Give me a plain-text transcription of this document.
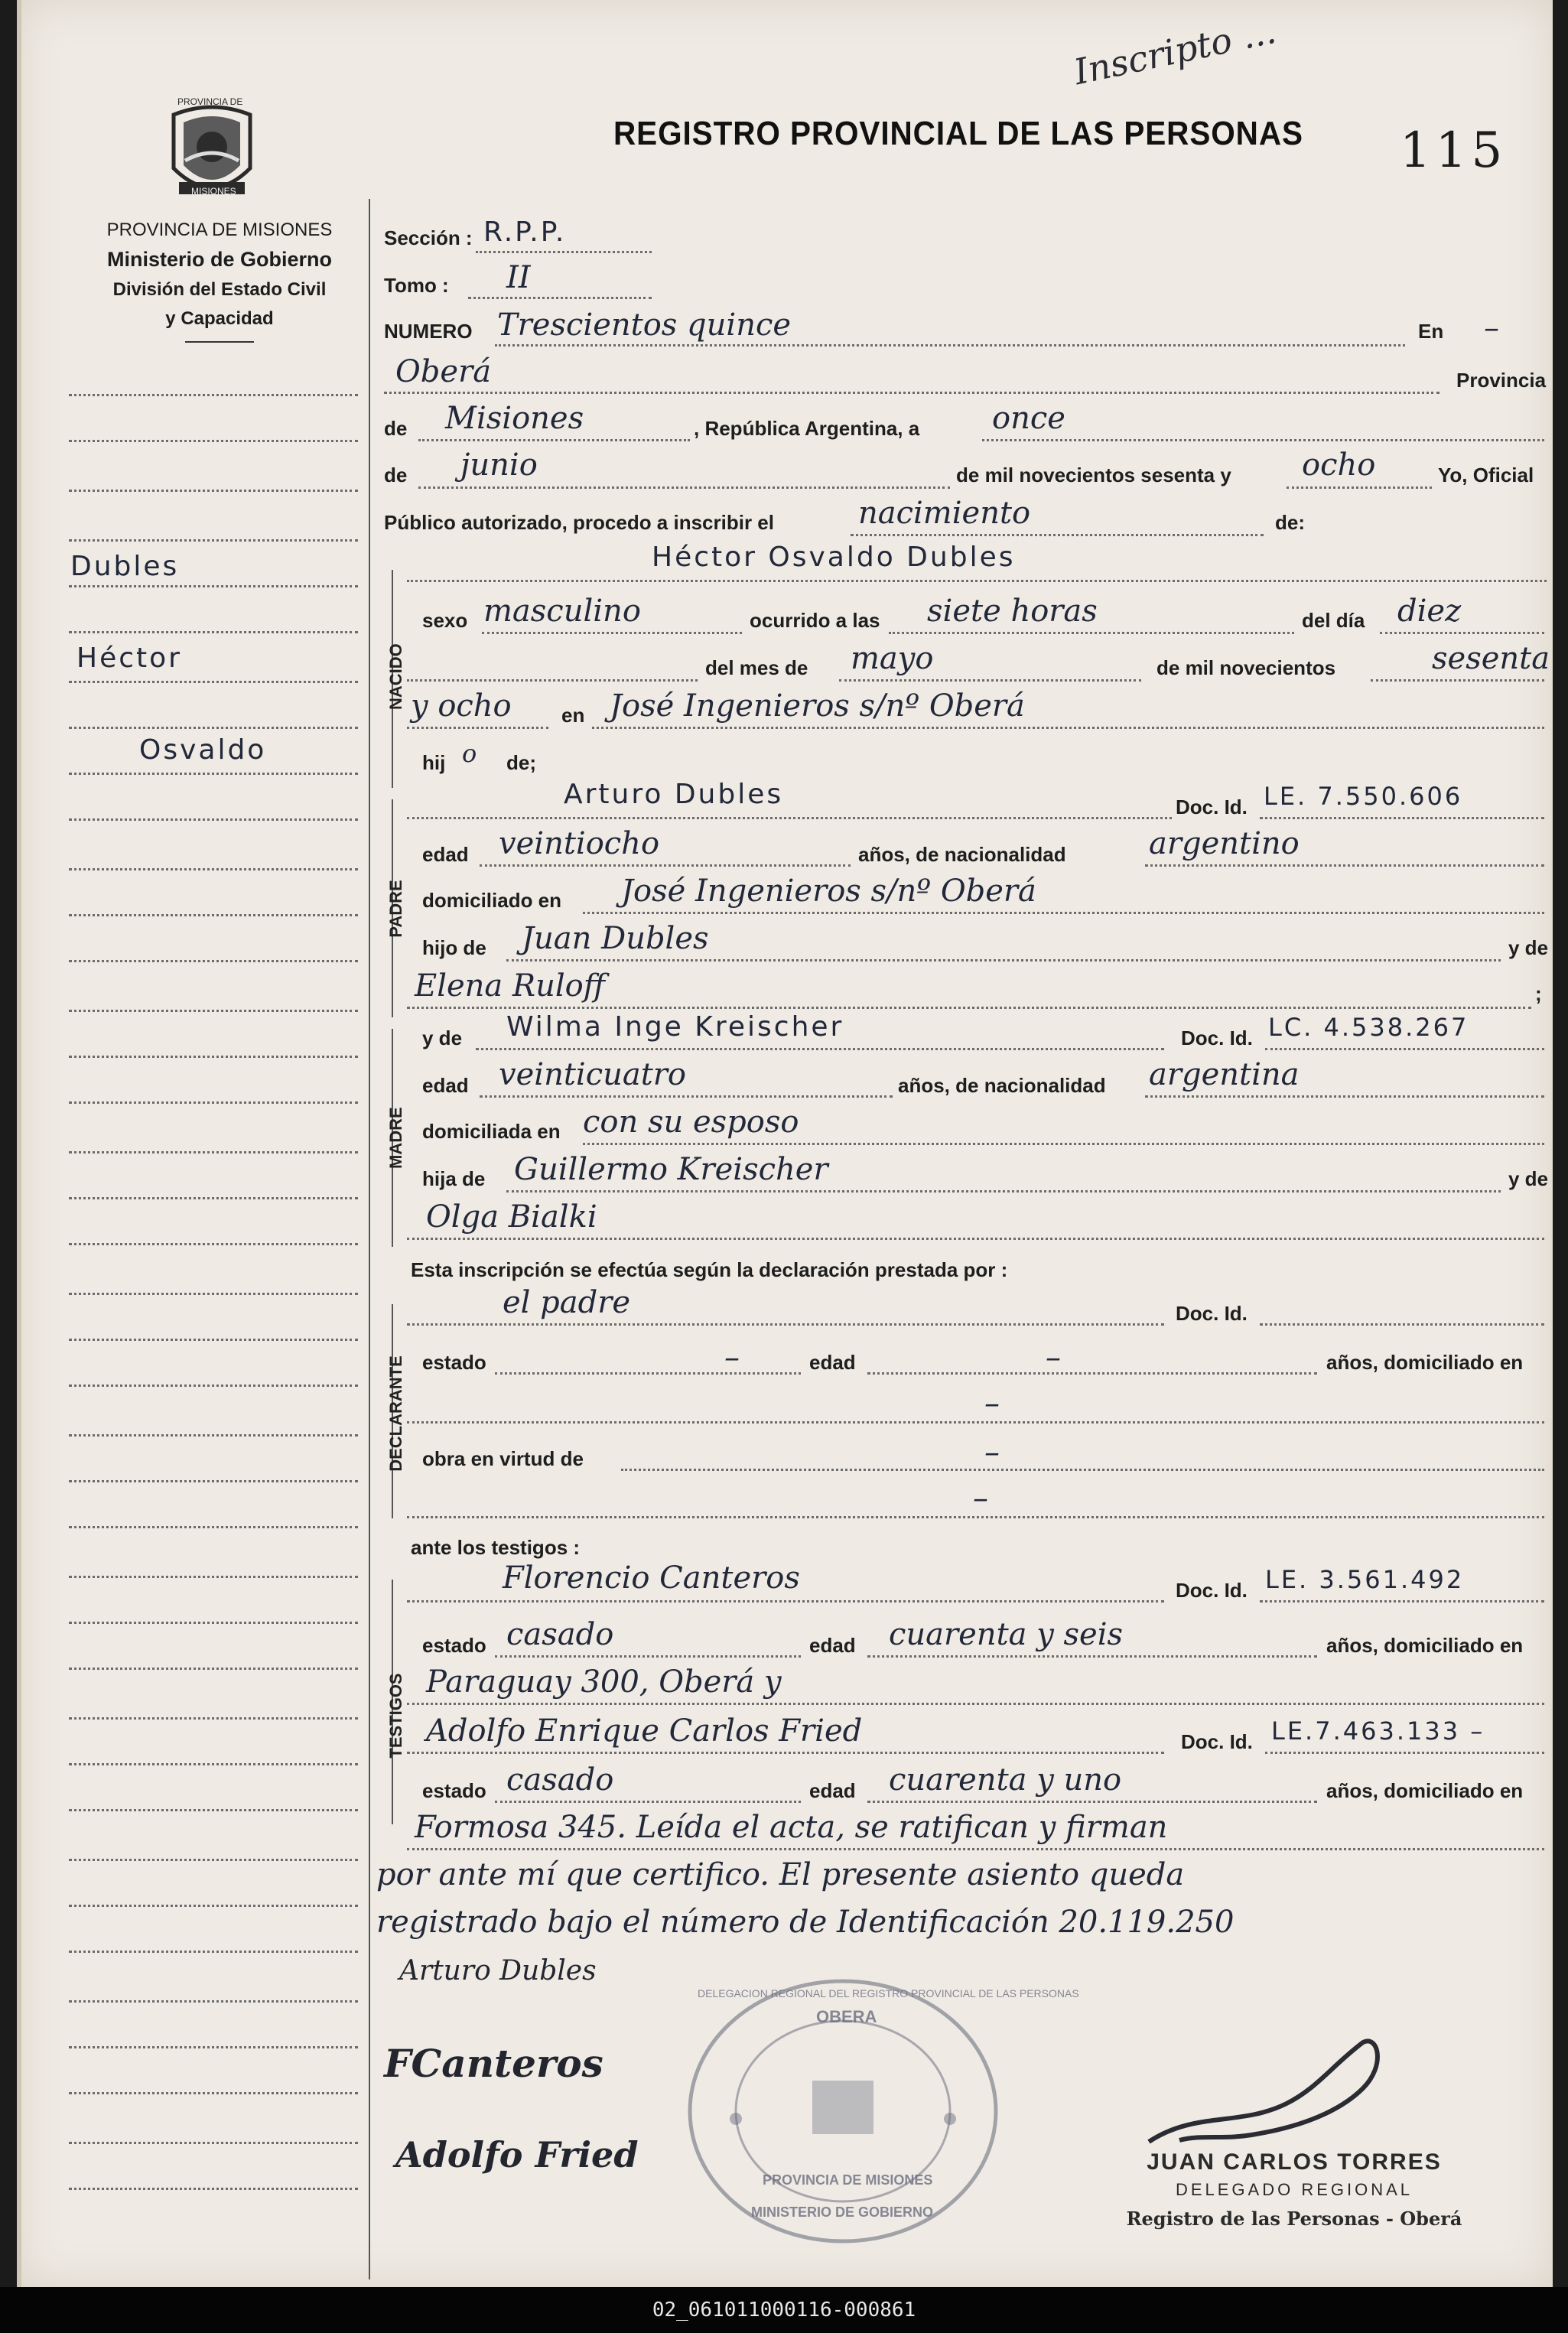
PROVINCIA DE
MISIONES
PROVINCIA DE MISIONES
Ministerio de Gobierno
División del Estado Civil
y Capacidad
REGISTRO PROVINCIAL DE LAS PERSONAS 115
Inscripto ...
Dubles
Héctor
Osvaldo
NACIDO
PADRE
MADRE
DECLARANTE
TESTIGOS
Sección : R.P.P.
Tomo : II
NUMERO Trescientos quince	En –
Oberá	Provincia
de Misiones	, República Argentina, a once
de junio	de mil novecientos sesenta y ocho	Yo, Oficial
Público autorizado, procedo a inscribir el	nacimiento	de:
Héctor Osvaldo Dubles
sexo masculino	ocurrido a las siete horas	del día diez
del mes de mayo	de mil novecientos	sesenta
y ocho	en José Ingenieros s/nº Oberá
hij o de;
Arturo Dubles	Doc. Id. LE. 7.550.606
edad veintiocho	años, de nacionalidad	argentino
domiciliado en José Ingenieros s/nº Oberá
hijo de Juan Dubles	y de
Elena Ruloff	;
y de Wilma Inge Kreischer	Doc. Id. LC. 4.538.267
edad veinticuatro	años, de nacionalidad argentina
domiciliada en con su esposo
hija de Guillermo Kreischer	y de
Olga Bialki
Esta inscripción se efectúa según la declaración prestada por :
el padre	Doc. Id.
estado	–	edad	–	años, domiciliado en
–
obra en virtud de	–
–
ante los testigos :
Florencio Canteros	Doc. Id. LE. 3.561.492
estado casado	edad cuarenta y seis	años, domiciliado en
Paraguay 300, Oberá y
Adolfo Enrique Carlos Fried	Doc. Id. LE.7.463.133 –
estado casado	edad cuarenta y uno	años, domiciliado en
Formosa 345. Leída el acta, se ratifican y firman
por ante mí que certifico. El presente asiento queda
registrado bajo el número de Identificación 20.119.250
Arturo Dubles
FCanteros
Adolfo Fried
DELEGACION REGIONAL DEL REGISTRO PROVINCIAL DE LAS PERSONAS
OBERA
PROVINCIA DE MISIONES
MINISTERIO DE GOBIERNO
JUAN CARLOS TORRES
DELEGADO REGIONAL
Registro de las Personas - Oberá
02_061011000116-000861
